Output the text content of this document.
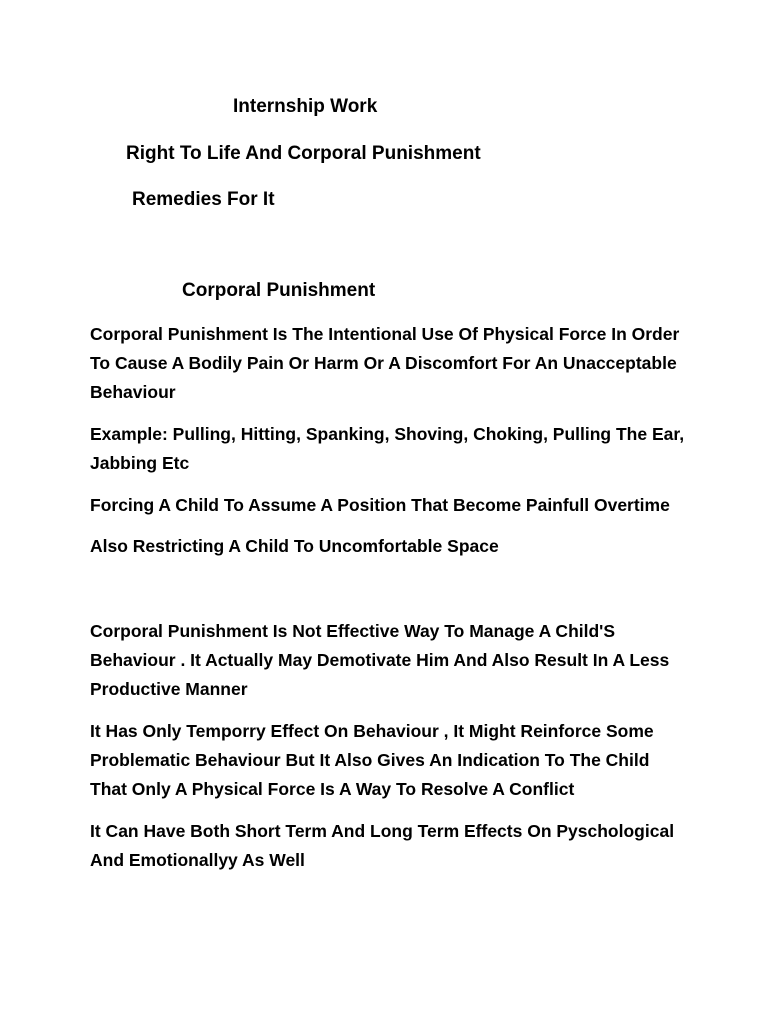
Internship Work
Right To Life And Corporal Punishment
Remedies For It
Corporal Punishment
Corporal Punishment Is The Intentional Use Of Physical Force In Order
To Cause A Bodily Pain Or Harm Or A Discomfort For An Unacceptable
Behaviour
Example: Pulling, Hitting, Spanking, Shoving, Choking, Pulling The Ear,
Jabbing Etc
Forcing A Child To Assume A Position That Become Painfull Overtime
Also Restricting A Child To Uncomfortable Space
Corporal Punishment Is Not Effective Way To Manage A Child'S
Behaviour . It Actually May Demotivate Him And Also Result In A Less
Productive Manner
It Has Only Temporry Effect On Behaviour , It Might Reinforce Some
Problematic Behaviour But It Also Gives An Indication To The Child
That Only A Physical Force Is A Way To Resolve A Conflict
It Can Have Both Short Term And Long Term Effects On Pyschological
And Emotionallyy As Well
